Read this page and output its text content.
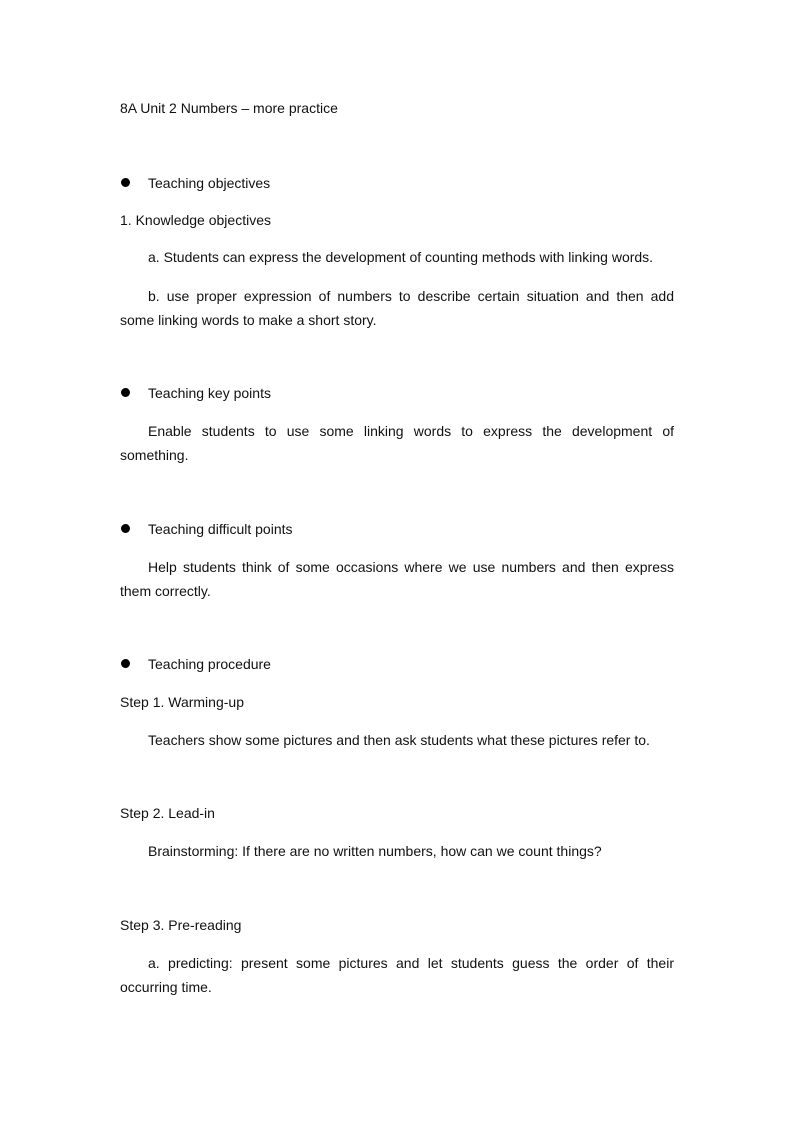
8A Unit 2 Numbers – more practice
Teaching objectives
1. Knowledge objectives
a. Students can express the development of counting methods with linking words.
b. use proper expression of numbers to describe certain situation and then add some linking words to make a short story.
Teaching key points
Enable students to use some linking words to express the development of something.
Teaching difficult points
Help students think of some occasions where we use numbers and then express them correctly.
Teaching procedure
Step 1. Warming-up
Teachers show some pictures and then ask students what these pictures refer to.
Step 2. Lead-in
Brainstorming: If there are no written numbers, how can we count things?
Step 3. Pre-reading
a. predicting: present some pictures and let students guess the order of their occurring time.
